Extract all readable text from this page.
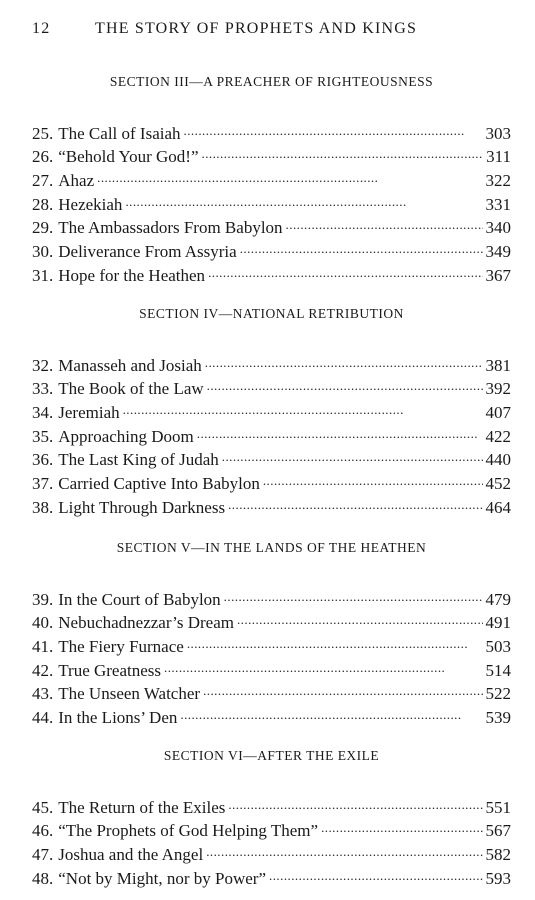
12	THE STORY OF PROPHETS AND KINGS
SECTION III—A PREACHER OF RIGHTEOUSNESS
25. The Call of Isaiah . . .	303
26. “Behold Your God!” . . .	311
27. Ahaz . . .	322
28. Hezekiah . . .	331
29. The Ambassadors From Babylon . . .	340
30. Deliverance From Assyria . . .	349
31. Hope for the Heathen . . .	367
SECTION IV—NATIONAL RETRIBUTION
32. Manasseh and Josiah . . .	381
33. The Book of the Law . . .	392
34. Jeremiah . . .	407
35. Approaching Doom . . .	422
36. The Last King of Judah . . .	440
37. Carried Captive Into Babylon . . .	452
38. Light Through Darkness . . .	464
SECTION V—IN THE LANDS OF THE HEATHEN
39. In the Court of Babylon . . .	479
40. Nebuchadnezzar’s Dream . . .	491
41. The Fiery Furnace . . .	503
42. True Greatness . . .	514
43. The Unseen Watcher . . .	522
44. In the Lions’ Den . . .	539
SECTION VI—AFTER THE EXILE
45. The Return of the Exiles . . .	551
46. “The Prophets of God Helping Them” . . .	567
47. Joshua and the Angel . . .	582
48. “Not by Might, nor by Power” . . .	593
